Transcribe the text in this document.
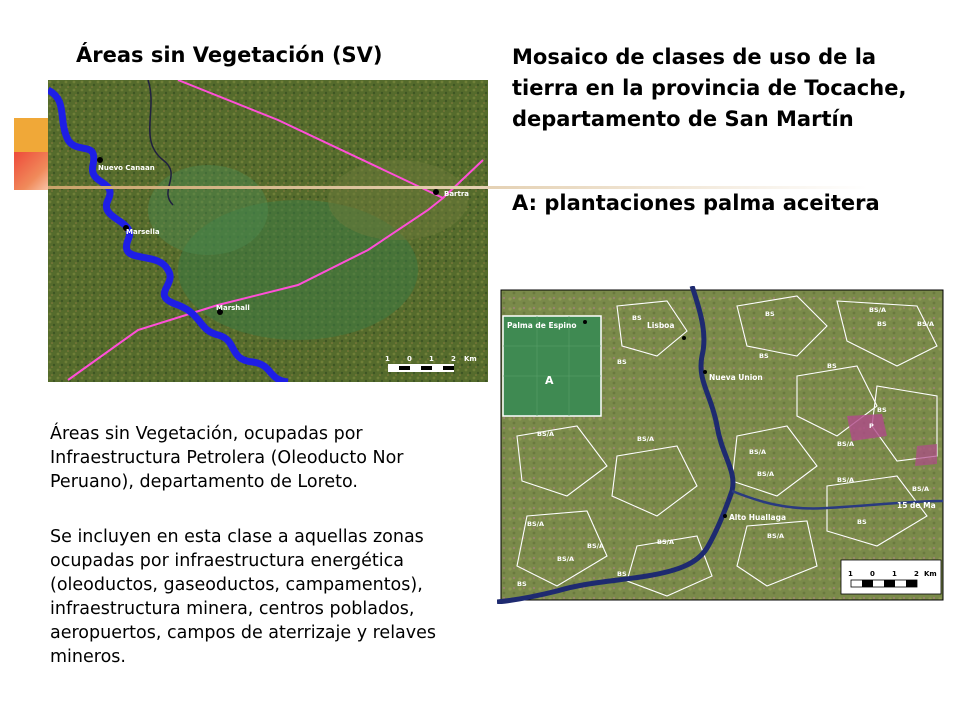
Nuevo Canaan
Marsella
Marshall
Bartra
1 0 1 2 Km
Palma de Espino	Lisboa
Nueva Union
Alto Huallaga
15 de Ma
A
BS	BS	BS/A
BS/A
BS
BS
BS
BS
BS/A
BS/A
BS/A
BS/A
P
BS
BS/A
BS/A
BS/A
BS/A
BS/A	BS/A
BS/A
BS
BS
BS
BS/A
1 0 1 2 Km
Áreas sin Vegetación (SV)	Mosaico de clases de uso de la tierra en la provincia de Tocache, departamento de San Martín
A: plantaciones palma aceitera

Áreas sin Vegetación, ocupadas por Infraestructura Petrolera (Oleoducto Nor Peruano), departamento de Loreto.

Se incluyen en esta clase a aquellas zonas ocupadas por infraestructura energética (oleoductos, gaseoductos, campamentos), infraestructura minera, centros poblados, aeropuertos, campos de aterrizaje y relaves mineros.
